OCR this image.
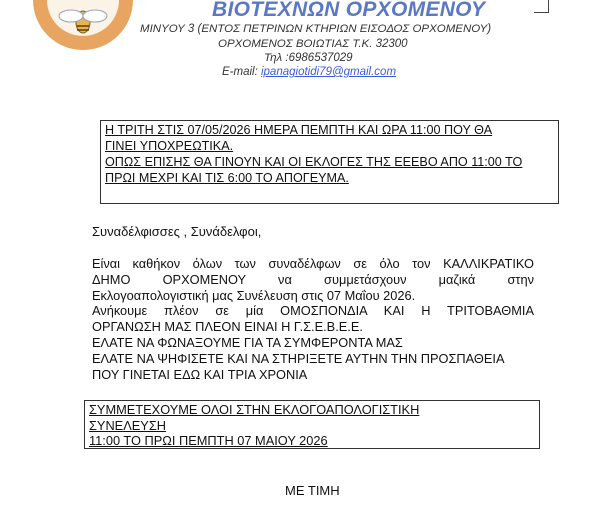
ΒΙΟΤΕΧΝΩΝ ΟΡΧΟΜΕΝΟΥ
ΜΙΝΥΟΥ 3 (ΕΝΤΟΣ ΠΕΤΡΙΝΩΝ ΚΤΗΡΙΩΝ ΕΙΣΟΔΟΣ ΟΡΧΟΜΕΝΟΥ)
ΟΡΧΟΜΕΝΟΣ ΒΟΙΩΤΙΑΣ Τ.Κ. 32300
Τηλ :6986537029
E-mail: ipanagiotidi79@gmail.com
Η ΤΡΙΤΗ ΣΤΙΣ 07/05/2026 ΗΜΕΡΑ ΠΕΜΠΤΗ ΚΑΙ ΩΡΑ 11:00 ΠΟΥ ΘΑ
ΓΙΝΕΙ ΥΠΟΧΡΕΩΤΙΚΑ.
ΟΠΩΣ ΕΠΙΣΗΣ ΘΑ ΓΙΝΟΥΝ ΚΑΙ ΟΙ ΕΚΛΟΓΕΣ ΤΗΣ ΕΕΕΒΟ ΑΠΟ 11:00 ΤΟ
ΠΡΩΙ ΜΕΧΡΙ ΚΑΙ ΤΙΣ 6:00 ΤΟ ΑΠΟΓΕΥΜΑ.
Συναδέλφισσες , Συνάδελφοι,
Είναι καθήκον όλων των συναδέλφων σε όλο τον ΚΑΛΛΙΚΡΑΤΙΚΟ
ΔΗΜΟ ΟΡΧΟΜΕΝΟΥ να συμμετάσχουν μαζικά στην
Εκλογοαπολογιστική μας Συνέλευση στις 07 Μαΐου 2026.
Ανήκουμε πλέον σε μία ΟΜΟΣΠΟΝΔΙΑ ΚΑΙ Η ΤΡΙΤΟΒΑΘΜΙΑ
ΟΡΓΑΝΩΣΗ ΜΑΣ ΠΛΕΟΝ ΕΙΝΑΙ Η Γ.Σ.Ε.Β.Ε.Ε.
ΕΛΑΤΕ ΝΑ ΦΩΝΑΞΟΥΜΕ ΓΙΑ ΤΑ ΣΥΜΦΕΡΟΝΤΑ ΜΑΣ
ΕΛΑΤΕ ΝΑ ΨΗΦΙΣΕΤΕ ΚΑΙ ΝΑ ΣΤΗΡΙΞΕΤΕ ΑΥΤΗΝ ΤΗΝ ΠΡΟΣΠΑΘΕΙΑ
ΠΟΥ ΓΙΝΕΤΑΙ ΕΔΩ ΚΑΙ ΤΡΙΑ ΧΡΟΝΙΑ
ΣΥΜΜΕΤΕΧΟΥΜΕ ΟΛΟΙ ΣΤΗΝ ΕΚΛΟΓΟΑΠΟΛΟΓΙΣΤΙΚΗ
ΣΥΝΕΛΕΥΣΗ
11:00 ΤΟ ΠΡΩΙ ΠΕΜΠΤΗ 07 ΜΑΙΟΥ 2026
ΜΕ ΤΙΜΗ
